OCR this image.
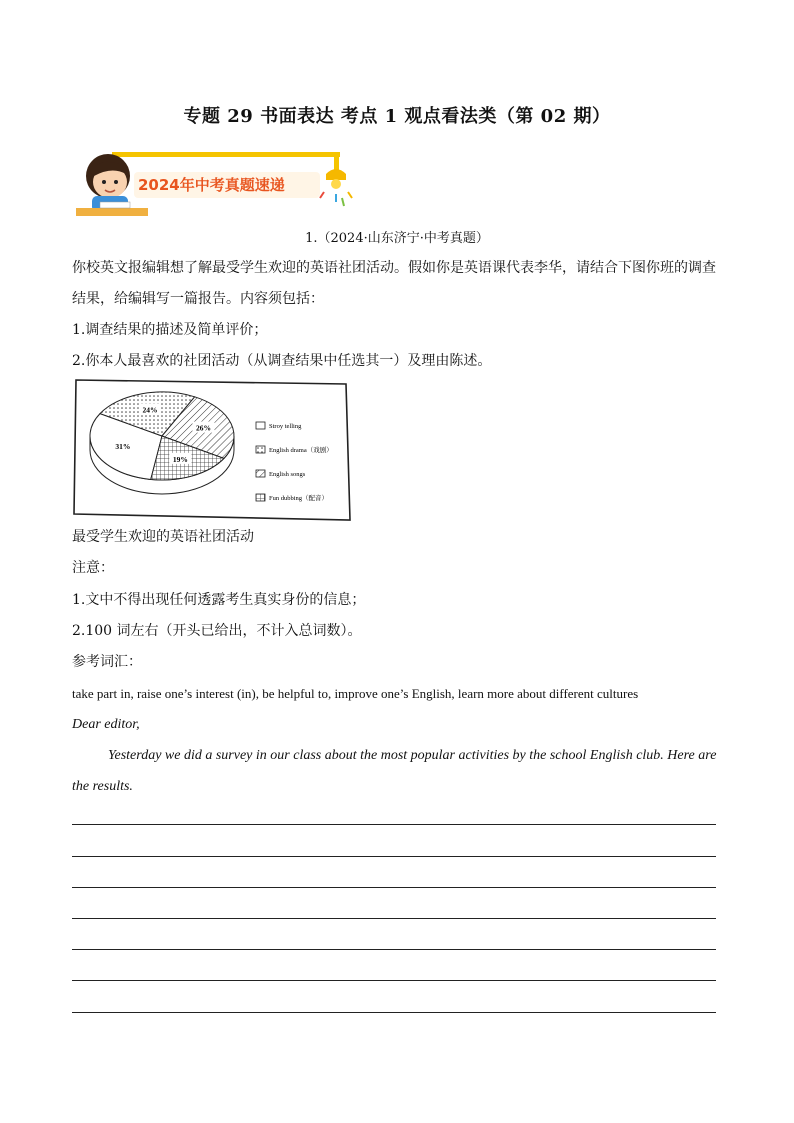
专题 29 书面表达 考点 1 观点看法类（第 02 期）
2024年中考真题速递
1.（2024·山东济宁·中考真题）
你校英文报编辑想了解最受学生欢迎的英语社团活动。假如你是英语课代表李华，请结合下图你班的调查
结果，给编辑写一篇报告。内容须包括：
1.调查结果的描述及简单评价；
2.你本人最喜欢的社团活动（从调查结果中任选其一）及理由陈述。
31%
24%
26%
19%
Stroy telling
English drama（戏剧）
English songs
Fun dubbing（配音）
最受学生欢迎的英语社团活动
注意：
1.文中不得出现任何透露考生真实身份的信息；
2.100 词左右（开头已给出，不计入总词数）。
参考词汇：
take part in, raise one’s interest (in), be helpful to, improve one’s English, learn more about different cultures
Dear editor,
Yesterday we did a survey in our class about the most popular activities by the school English club. Here are
the results.
